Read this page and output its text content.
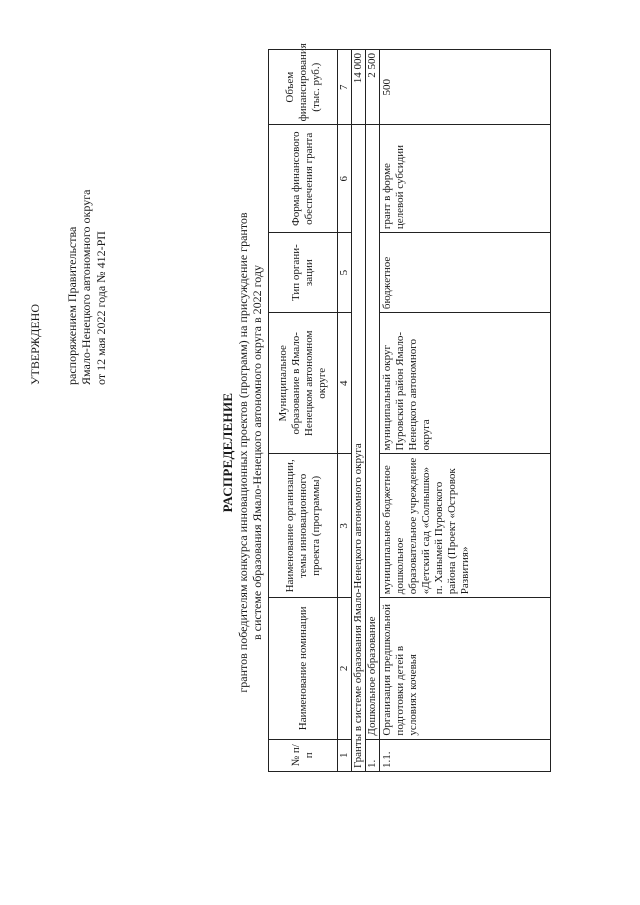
УТВЕРЖДЕНО распоряжением Правительства Ямало-Ненецкого автономного округа от 12 мая 2022 года № 412-РП
РАСПРЕДЕЛЕНИЕ грантов победителям конкурса инновационных проектов (программ) на присуждение грантов в системе образования Ямало-Ненецкого автономного округа в 2022 году
№ п/п	Наименование номинации	Наименование организации, темы инновационного проекта (программы)	Муниципальное образование в Ямало-Ненецком автономном округе	Тип органи-зации	Форма финансового обеспечения гранта	Объем финансирования (тыс. руб.)
1	2	3	4	5	6	7
Гранты в системе образования Ямало-Ненецкого автономного округа						14 000
1.	Дошкольное образование					2 500
1.1.	Организация предшкольной подготовки детей в условиях кочевья	муниципальное бюджетное дошкольное образовательное учреждение «Детский сад «Солнышко» п. Ханымей Пуровского района (Проект «Островок Развития»	муниципальный округ Пуровский район Ямало-Ненецкого автономного округа	бюджетное	грант в форме целевой субсидии	500
